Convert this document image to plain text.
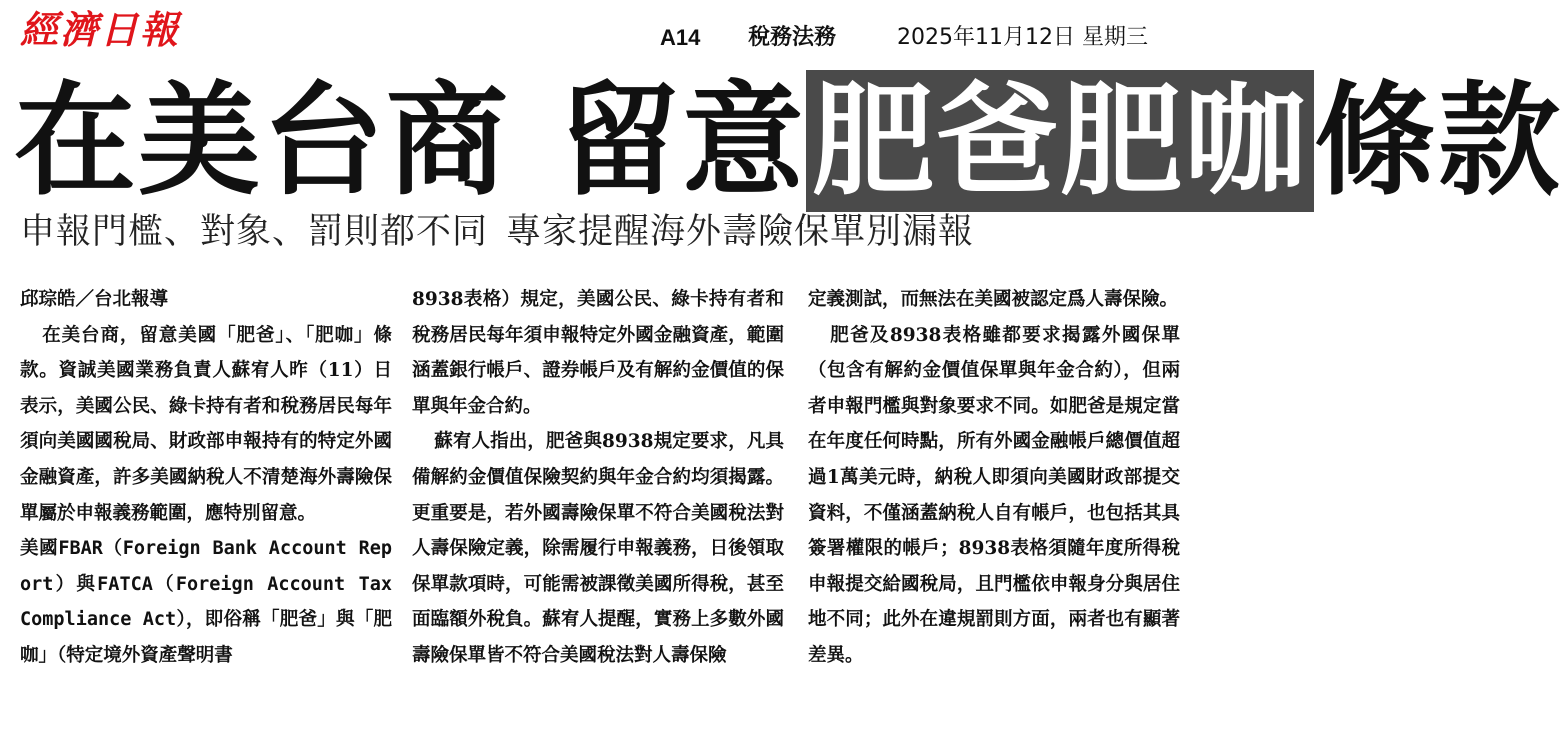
經濟日報	A14 稅務法務	2025年11月12日 星期三
在美台商 留意肥爸肥咖條款
申報門檻、對象、罰則都不同 專家提醒海外壽險保單別漏報

邱琮皓／台北報導

在美台商，留意美國「肥爸」、「肥咖」條款。資誠美國業務負責人蘇宥人昨（11）日表示，美國公民、綠卡持有者和稅務居民每年須向美國國稅局、財政部申報持有的特定外國金融資產，許多美國納稅人不清楚海外壽險保單屬於申報義務範圍，應特別留意。

美國FBAR（Foreign Bank Account Report）與FATCA（Foreign Account Tax Compliance Act），即俗稱「肥爸」與「肥咖」（特定境外資產聲明書

8938表格）規定，美國公民、綠卡持有者和稅務居民每年須申報特定外國金融資產，範圍涵蓋銀行帳戶、證券帳戶及有解約金價值的保單與年金合約。

蘇宥人指出，肥爸與8938規定要求，凡具備解約金價值保險契約與年金合約均須揭露。更重要是，若外國壽險保單不符合美國稅法對人壽保險定義，除需履行申報義務，日後領取保單款項時，可能需被課徵美國所得稅，甚至面臨額外稅負。蘇宥人提醒，實務上多數外國壽險保單皆不符合美國稅法對人壽保險

定義測試，而無法在美國被認定爲人壽保險。

肥爸及8938表格雖都要求揭露外國保單（包含有解約金價值保單與年金合約），但兩者申報門檻與對象要求不同。如肥爸是規定當在年度任何時點，所有外國金融帳戶總價值超過1萬美元時，納稅人即須向美國財政部提交資料，不僅涵蓋納稅人自有帳戶，也包括其具簽署權限的帳戶；8938表格須隨年度所得稅申報提交給國稅局，且門檻依申報身分與居住地不同；此外在違規罰則方面，兩者也有顯著差異。
